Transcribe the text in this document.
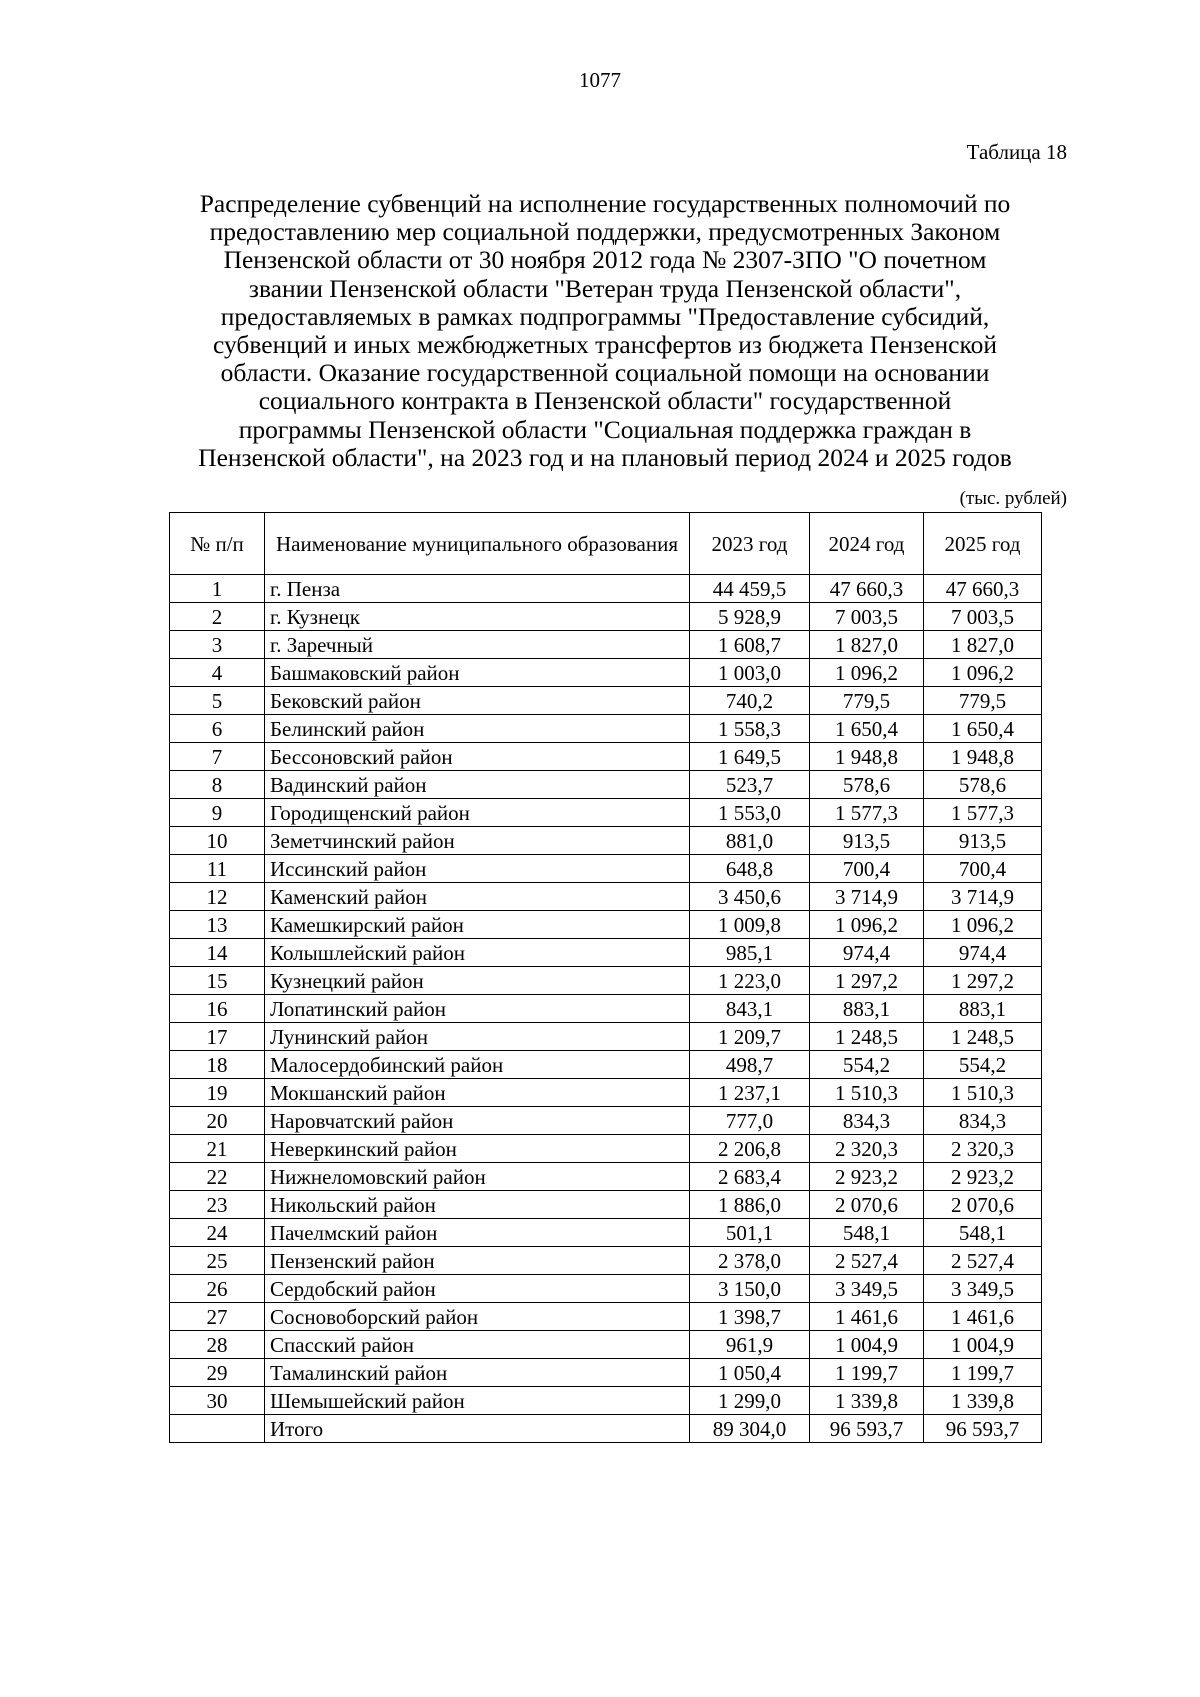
1077
Таблица 18
Распределение субвенций на исполнение государственных полномочий по
предоставлению мер социальной поддержки, предусмотренных Законом
Пензенской области от 30 ноября 2012 года № 2307-ЗПО "О почетном
звании Пензенской области "Ветеран труда Пензенской области",
предоставляемых в рамках подпрограммы "Предоставление субсидий,
субвенций и иных межбюджетных трансфертов из бюджета Пензенской
области. Оказание государственной социальной помощи на основании
социального контракта в Пензенской области" государственной
программы Пензенской области "Социальная поддержка граждан в
Пензенской области", на 2023 год и на плановый период 2024 и 2025 годов
(тыс. рублей)
№ п/п	Наименование муниципального образования	2023 год	2024 год	2025 год
1	г. Пенза	44 459,5	47 660,3	47 660,3
2	г. Кузнецк	5 928,9	7 003,5	7 003,5
3	г. Заречный	1 608,7	1 827,0	1 827,0
4	Башмаковский район	1 003,0	1 096,2	1 096,2
5	Бековский район	740,2	779,5	779,5
6	Белинский район	1 558,3	1 650,4	1 650,4
7	Бессоновский район	1 649,5	1 948,8	1 948,8
8	Вадинский район	523,7	578,6	578,6
9	Городищенский район	1 553,0	1 577,3	1 577,3
10	Земетчинский район	881,0	913,5	913,5
11	Иссинский район	648,8	700,4	700,4
12	Каменский район	3 450,6	3 714,9	3 714,9
13	Камешкирский район	1 009,8	1 096,2	1 096,2
14	Колышлейский район	985,1	974,4	974,4
15	Кузнецкий район	1 223,0	1 297,2	1 297,2
16	Лопатинский район	843,1	883,1	883,1
17	Лунинский район	1 209,7	1 248,5	1 248,5
18	Малосердобинский район	498,7	554,2	554,2
19	Мокшанский район	1 237,1	1 510,3	1 510,3
20	Наровчатский район	777,0	834,3	834,3
21	Неверкинский район	2 206,8	2 320,3	2 320,3
22	Нижнеломовский район	2 683,4	2 923,2	2 923,2
23	Никольский район	1 886,0	2 070,6	2 070,6
24	Пачелмский район	501,1	548,1	548,1
25	Пензенский район	2 378,0	2 527,4	2 527,4
26	Сердобский район	3 150,0	3 349,5	3 349,5
27	Сосновоборский район	1 398,7	1 461,6	1 461,6
28	Спасский район	961,9	1 004,9	1 004,9
29	Тамалинский район	1 050,4	1 199,7	1 199,7
30	Шемышейский район	1 299,0	1 339,8	1 339,8
	Итого	89 304,0	96 593,7	96 593,7
